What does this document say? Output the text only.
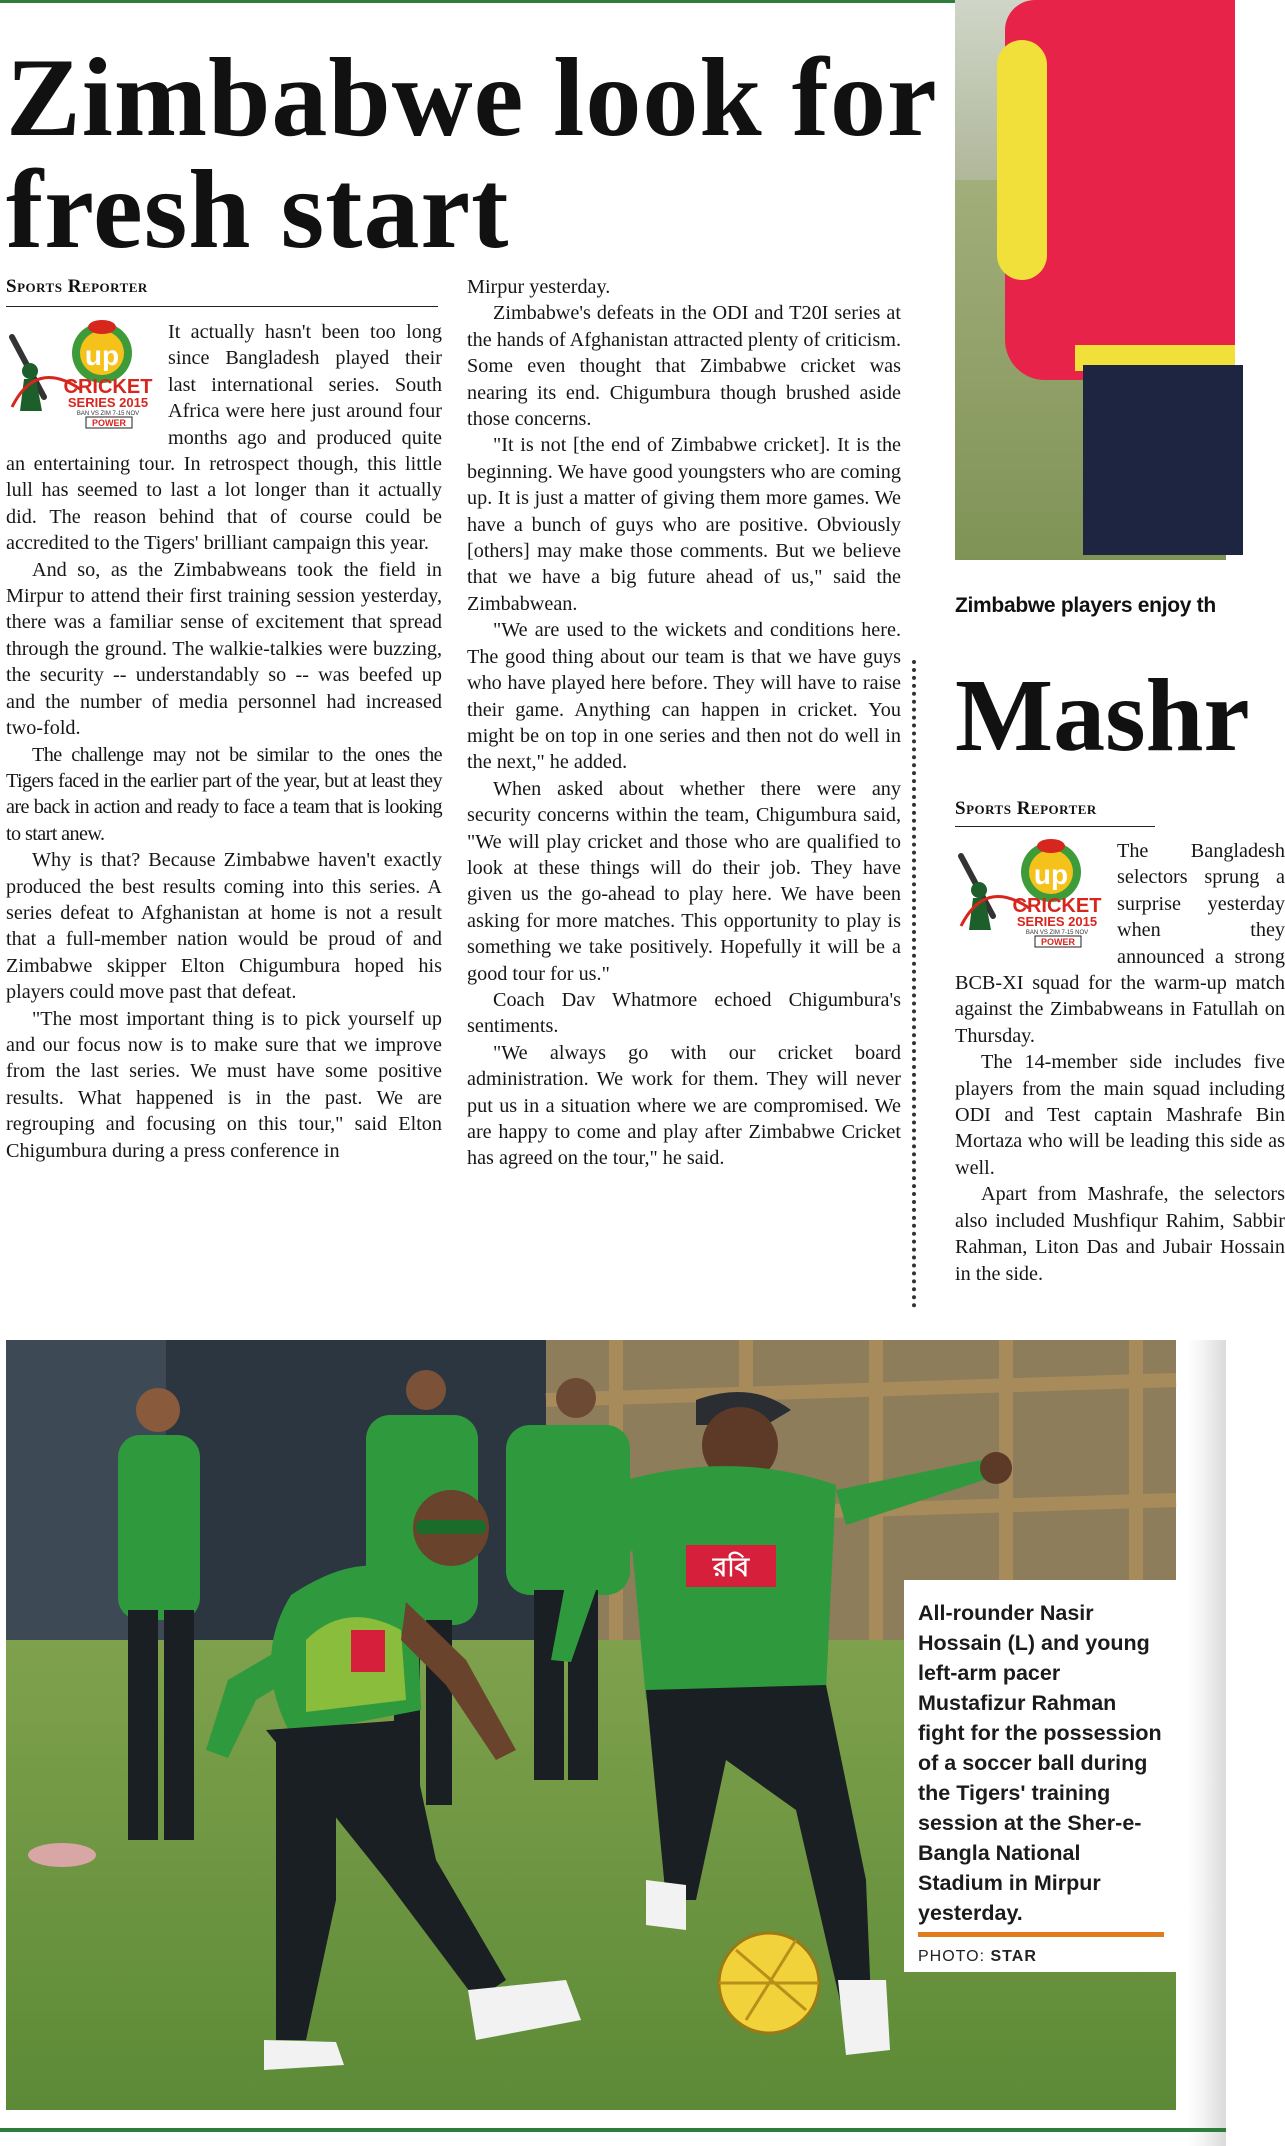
Zimbabwe look for fresh start
Sports Reporter
up
CRICKET
SERIES 2015
BAN VS ZIM 7-15 NOV
POWER

It actually hasn't been too long since Bangladesh played their last international series. South Africa were here just around four months ago and produced quite an entertaining tour. In retrospect though, this little lull has seemed to last a lot longer than it actually did. The reason behind that of course could be accredited to the Tigers' brilliant campaign this year.

And so, as the Zimbabweans took the field in Mirpur to attend their first training session yesterday, there was a familiar sense of excitement that spread through the ground. The walkie-talkies were buzzing, the security -- understandably so -- was beefed up and the number of media personnel had increased two-fold.

The challenge may not be similar to the ones the Tigers faced in the earlier part of the year, but at least they are back in action and ready to face a team that is looking to start anew.

Why is that? Because Zimbabwe haven't exactly produced the best results coming into this series. A series defeat to Afghanistan at home is not a result that a full-member nation would be proud of and Zimbabwe skipper Elton Chigumbura hoped his players could move past that defeat.

"The most important thing is to pick yourself up and our focus now is to make sure that we improve from the last series. We must have some positive results. What happened is in the past. We are regrouping and focusing on this tour," said Elton Chigumbura during a press conference in

Mirpur yesterday.

Zimbabwe's defeats in the ODI and T20I series at the hands of Afghanistan attracted plenty of criticism. Some even thought that Zimbabwe cricket was nearing its end. Chigumbura though brushed aside those concerns.

"It is not [the end of Zimbabwe cricket]. It is the beginning. We have good youngsters who are coming up. It is just a matter of giving them more games. We have a bunch of guys who are positive. Obviously [others] may make those comments. But we believe that we have a big future ahead of us," said the Zimbabwean.

"We are used to the wickets and conditions here. The good thing about our team is that we have guys who have played here before. They will have to raise their game. Anything can happen in cricket. You might be on top in one series and then not do well in the next," he added.

When asked about whether there were any security concerns within the team, Chigumbura said, "We will play cricket and those who are qualified to look at these things will do their job. They have given us the go-ahead to play here. We have been asking for more matches. This opportunity to play is something we take positively. Hopefully it will be a good tour for us."

Coach Dav Whatmore echoed Chigumbura's sentiments.

"We always go with our cricket board administration. We work for them. They will never put us in a situation where we are compromised. We are happy to come and play after Zimbabwe Cricket has agreed on the tour," he said.

Zimbabwe players enjoy th
Mashr
Sports Reporter
up
CRICKET
SERIES 2015
BAN VS ZIM 7-15 NOV
POWER

The Bangladesh selectors sprung a surprise yesterday when they announced a strong BCB-XI squad for the warm-up match against the Zimbabweans in Fatullah on Thursday.

The 14-member side includes five players from the main squad including ODI and Test captain Mashrafe Bin Mortaza who will be leading this side as well.

Apart from Mashrafe, the selectors also included Mushfiqur Rahim, Sabbir Rahman, Liton Das and Jubair Hossain in the side.

রবি
All-rounder Nasir Hossain (L) and young left-arm pacer Mustafizur Rahman fight for the possession of a soccer ball during the Tigers' training session at the Sher-e-Bangla National Stadium in Mirpur yesterday.
PHOTO: STAR
